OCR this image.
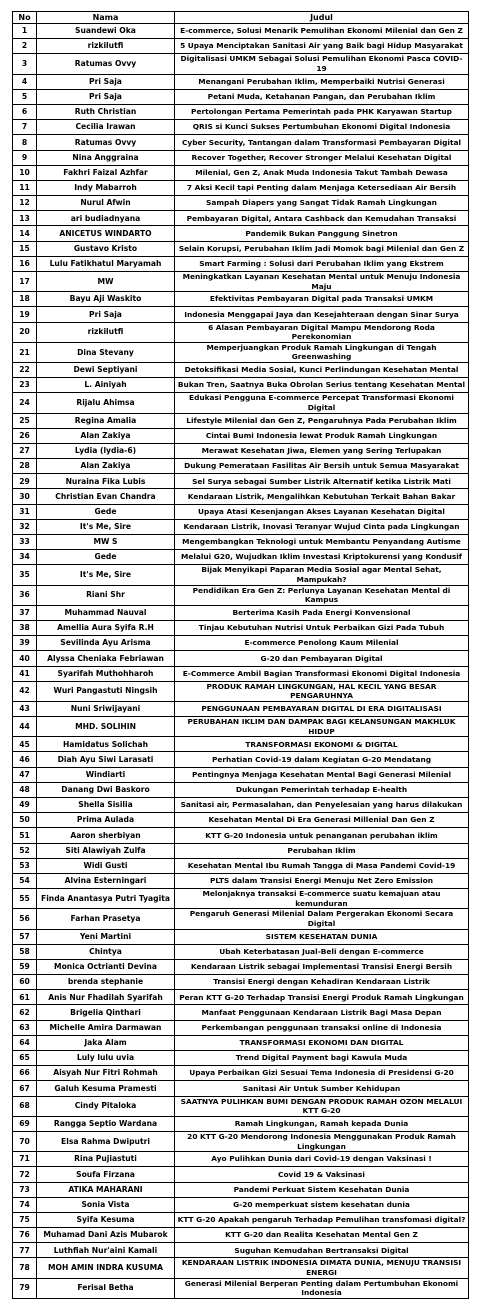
No	Nama	Judul
1	Suandewi Oka	E-commerce, Solusi Menarik Pemulihan Ekonomi Milenial dan Gen Z
2	rizkilutfi	5 Upaya Menciptakan Sanitasi Air yang Baik bagi Hidup Masyarakat
3	Ratumas Ovvy	Digitalisasi UMKM Sebagai Solusi Pemulihan Ekonomi Pasca COVID-19
4	Pri Saja	Menangani Perubahan Iklim, Memperbaiki Nutrisi Generasi
5	Pri Saja	Petani Muda, Ketahanan Pangan, dan Perubahan Iklim
6	Ruth Christian	Pertolongan Pertama Pemerintah pada PHK Karyawan Startup
7	Cecilia Irawan	QRIS si Kunci Sukses Pertumbuhan Ekonomi Digital Indonesia
8	Ratumas Ovvy	Cyber Security, Tantangan dalam Transformasi Pembayaran Digital
9	Nina Anggraina	Recover Together, Recover Stronger Melalui Kesehatan Digital
10	Fakhri Faizal Azhfar	Milenial, Gen Z, Anak Muda Indonesia Takut Tambah Dewasa
11	Indy Mabarroh	7 Aksi Kecil tapi Penting dalam Menjaga Ketersediaan Air Bersih
12	Nurul Afwin	Sampah Diapers yang Sangat Tidak Ramah Lingkungan
13	ari budiadnyana	Pembayaran Digital, Antara Cashback dan Kemudahan Transaksi
14	ANICETUS WINDARTO	Pandemik Bukan Panggung Sinetron
15	Gustavo Kristo	Selain Korupsi, Perubahan Iklim Jadi Momok bagi Milenial dan Gen Z
16	Lulu Fatikhatul Maryamah	Smart Farming : Solusi dari Perubahan Iklim yang Ekstrem
17	MW	Meningkatkan Layanan Kesehatan Mental untuk Menuju Indonesia Maju
18	Bayu Aji Waskito	Efektivitas Pembayaran Digital pada Transaksi UMKM
19	Pri Saja	Indonesia Menggapai Jaya dan Kesejahteraan dengan Sinar Surya
20	rizkilutfi	6 Alasan Pembayaran Digital Mampu Mendorong Roda Perekonomian
21	Dina Stevany	Memperjuangkan Produk Ramah Lingkungan di Tengah Greenwashing
22	Dewi Septiyani	Detoksifikasi Media Sosial, Kunci Perlindungan Kesehatan Mental
23	L. Ainiyah	Bukan Tren, Saatnya Buka Obrolan Serius tentang Kesehatan Mental
24	Rijalu Ahimsa	Edukasi Pengguna E-commerce Percepat Transformasi Ekonomi Digital
25	Regina Amalia	Lifestyle Milenial dan Gen Z, Pengaruhnya Pada Perubahan Iklim
26	Alan Zakiya	Cintai Bumi Indonesia lewat Produk Ramah Lingkungan
27	Lydia (lydia-6)	Merawat Kesehatan Jiwa, Elemen yang Sering Terlupakan
28	Alan Zakiya	Dukung Pemerataan Fasilitas Air Bersih untuk Semua Masyarakat
29	Nuraina Fika Lubis	Sel Surya sebagai Sumber Listrik Alternatif ketika Listrik Mati
30	Christian Evan Chandra	Kendaraan Listrik, Mengalihkan Kebutuhan Terkait Bahan Bakar
31	Gede	Upaya Atasi Kesenjangan Akses Layanan Kesehatan Digital
32	It's Me, Sire	Kendaraan Listrik, Inovasi Teranyar Wujud Cinta pada Lingkungan
33	MW S	Mengembangkan Teknologi untuk Membantu Penyandang Autisme
34	Gede	Melalui G20, Wujudkan Iklim Investasi Kriptokurensi yang Kondusif
35	It's Me, Sire	Bijak Menyikapi Paparan Media Sosial agar Mental Sehat, Mampukah?
36	Riani Shr	Pendidikan Era Gen Z: Perlunya Layanan Kesehatan Mental di Kampus
37	Muhammad Nauval	Berterima Kasih Pada Energi Konvensional
38	Amellia Aura Syifa R.H	Tinjau Kebutuhan Nutrisi Untuk Perbaikan Gizi Pada Tubuh
39	Sevilinda Ayu Arisma	E-commerce Penolong Kaum Milenial
40	Alyssa Cheniaka Febriawan	G-20 dan Pembayaran Digital
41	Syarifah Muthohharoh	E-Commerce Ambil Bagian Transformasi Ekonomi Digital Indonesia
42	Wuri Pangastuti Ningsih	PRODUK RAMAH LINGKUNGAN, HAL KECIL YANG BESAR PENGARUHNYA
43	Nuni Sriwijayani	PENGGUNAAN PEMBAYARAN DIGITAL DI ERA DIGITALISASI
44	MHD. SOLIHIN	PERUBAHAN IKLIM DAN DAMPAK BAGI KELANSUNGAN MAKHLUK HIDUP
45	Hamidatus Solichah	TRANSFORMASI EKONOMI & DIGITAL
46	Diah Ayu Siwi Larasati	Perhatian Covid-19 dalam Kegiatan G-20 Mendatang
47	Windiarti	Pentingnya Menjaga Kesehatan Mental Bagi Generasi Milenial
48	Danang Dwi Baskoro	Dukungan Pemerintah terhadap E-health
49	Shella Sisilia	Sanitasi air, Permasalahan, dan Penyelesaian yang harus dilakukan
50	Prima Aulada	Kesehatan Mental Di Era Generasi Millenial Dan Gen Z
51	Aaron sherbiyan	KTT G-20 Indonesia untuk penanganan perubahan iklim
52	Siti Alawiyah Zulfa	Perubahan Iklim
53	Widi Gusti	Kesehatan Mental Ibu Rumah Tangga di Masa Pandemi Covid-19
54	Alvina Esterningari	PLTS dalam Transisi Energi Menuju Net Zero Emission
55	Finda Anantasya Putri Tyagita	Melonjaknya transaksi E-commerce suatu kemajuan atau kemunduran
56	Farhan Prasetya	Pengaruh Generasi Milenial Dalam Pergerakan Ekonomi Secara Digital
57	Yeni Martini	SISTEM KESEHATAN DUNIA
58	Chintya	Ubah Keterbatasan Jual-Beli dengan E-commerce
59	Monica Octrianti Devina	Kendaraan Listrik sebagai Implementasi Transisi Energi Bersih
60	brenda stephanie	Transisi Energi dengan Kehadiran Kendaraan Listrik
61	Anis Nur Fhadilah Syarifah	Peran KTT G-20 Terhadap Transisi Energi Produk Ramah Lingkungan
62	Brigelia Qinthari	Manfaat Penggunaan Kendaraan Listrik Bagi Masa Depan
63	Michelle Amira Darmawan	Perkembangan penggunaan transaksi online di Indonesia
64	Jaka Alam	TRANSFORMASI EKONOMI DAN DIGITAL
65	Luly lulu uvia	Trend Digital Payment bagi Kawula Muda
66	Aisyah Nur Fitri Rohmah	Upaya Perbaikan Gizi Sesuai Tema Indonesia di Presidensi G-20
67	Galuh Kesuma Pramesti	Sanitasi Air Untuk Sumber Kehidupan
68	Cindy Pitaloka	SAATNYA PULIHKAN BUMI DENGAN PRODUK RAMAH OZON MELALUI KTT G-20
69	Rangga Septio Wardana	Ramah Lingkungan, Ramah kepada Dunia
70	Elsa Rahma Dwiputri	20 KTT G-20 Mendorong Indonesia Menggunakan Produk Ramah Lingkungan
71	Rina Pujiastuti	Ayo Pulihkan Dunia dari Covid-19 dengan Vaksinasi !
72	Soufa Firzana	Covid 19 & Vaksinasi
73	ATIKA MAHARANI	Pandemi Perkuat Sistem Kesehatan Dunia
74	Sonia Vista	G-20 memperkuat sistem kesehatan dunia
75	Syifa Kesuma	KTT G-20 Apakah pengaruh Terhadap Pemulihan transfomasi digital?
76	Muhamad Dani Azis Mubarok	KTT G-20 dan Realita Kesehatan Mental Gen Z
77	Luthfiah Nur'aini Kamali	Suguhan Kemudahan Bertransaksi Digital
78	MOH AMIN INDRA KUSUMA	KENDARAAN LISTRIK INDONESIA DIMATA DUNIA, MENUJU TRANSISI ENERGI
79	Ferisal Betha	Generasi Milenial Berperan Penting dalam Pertumbuhan Ekonomi Indonesia
